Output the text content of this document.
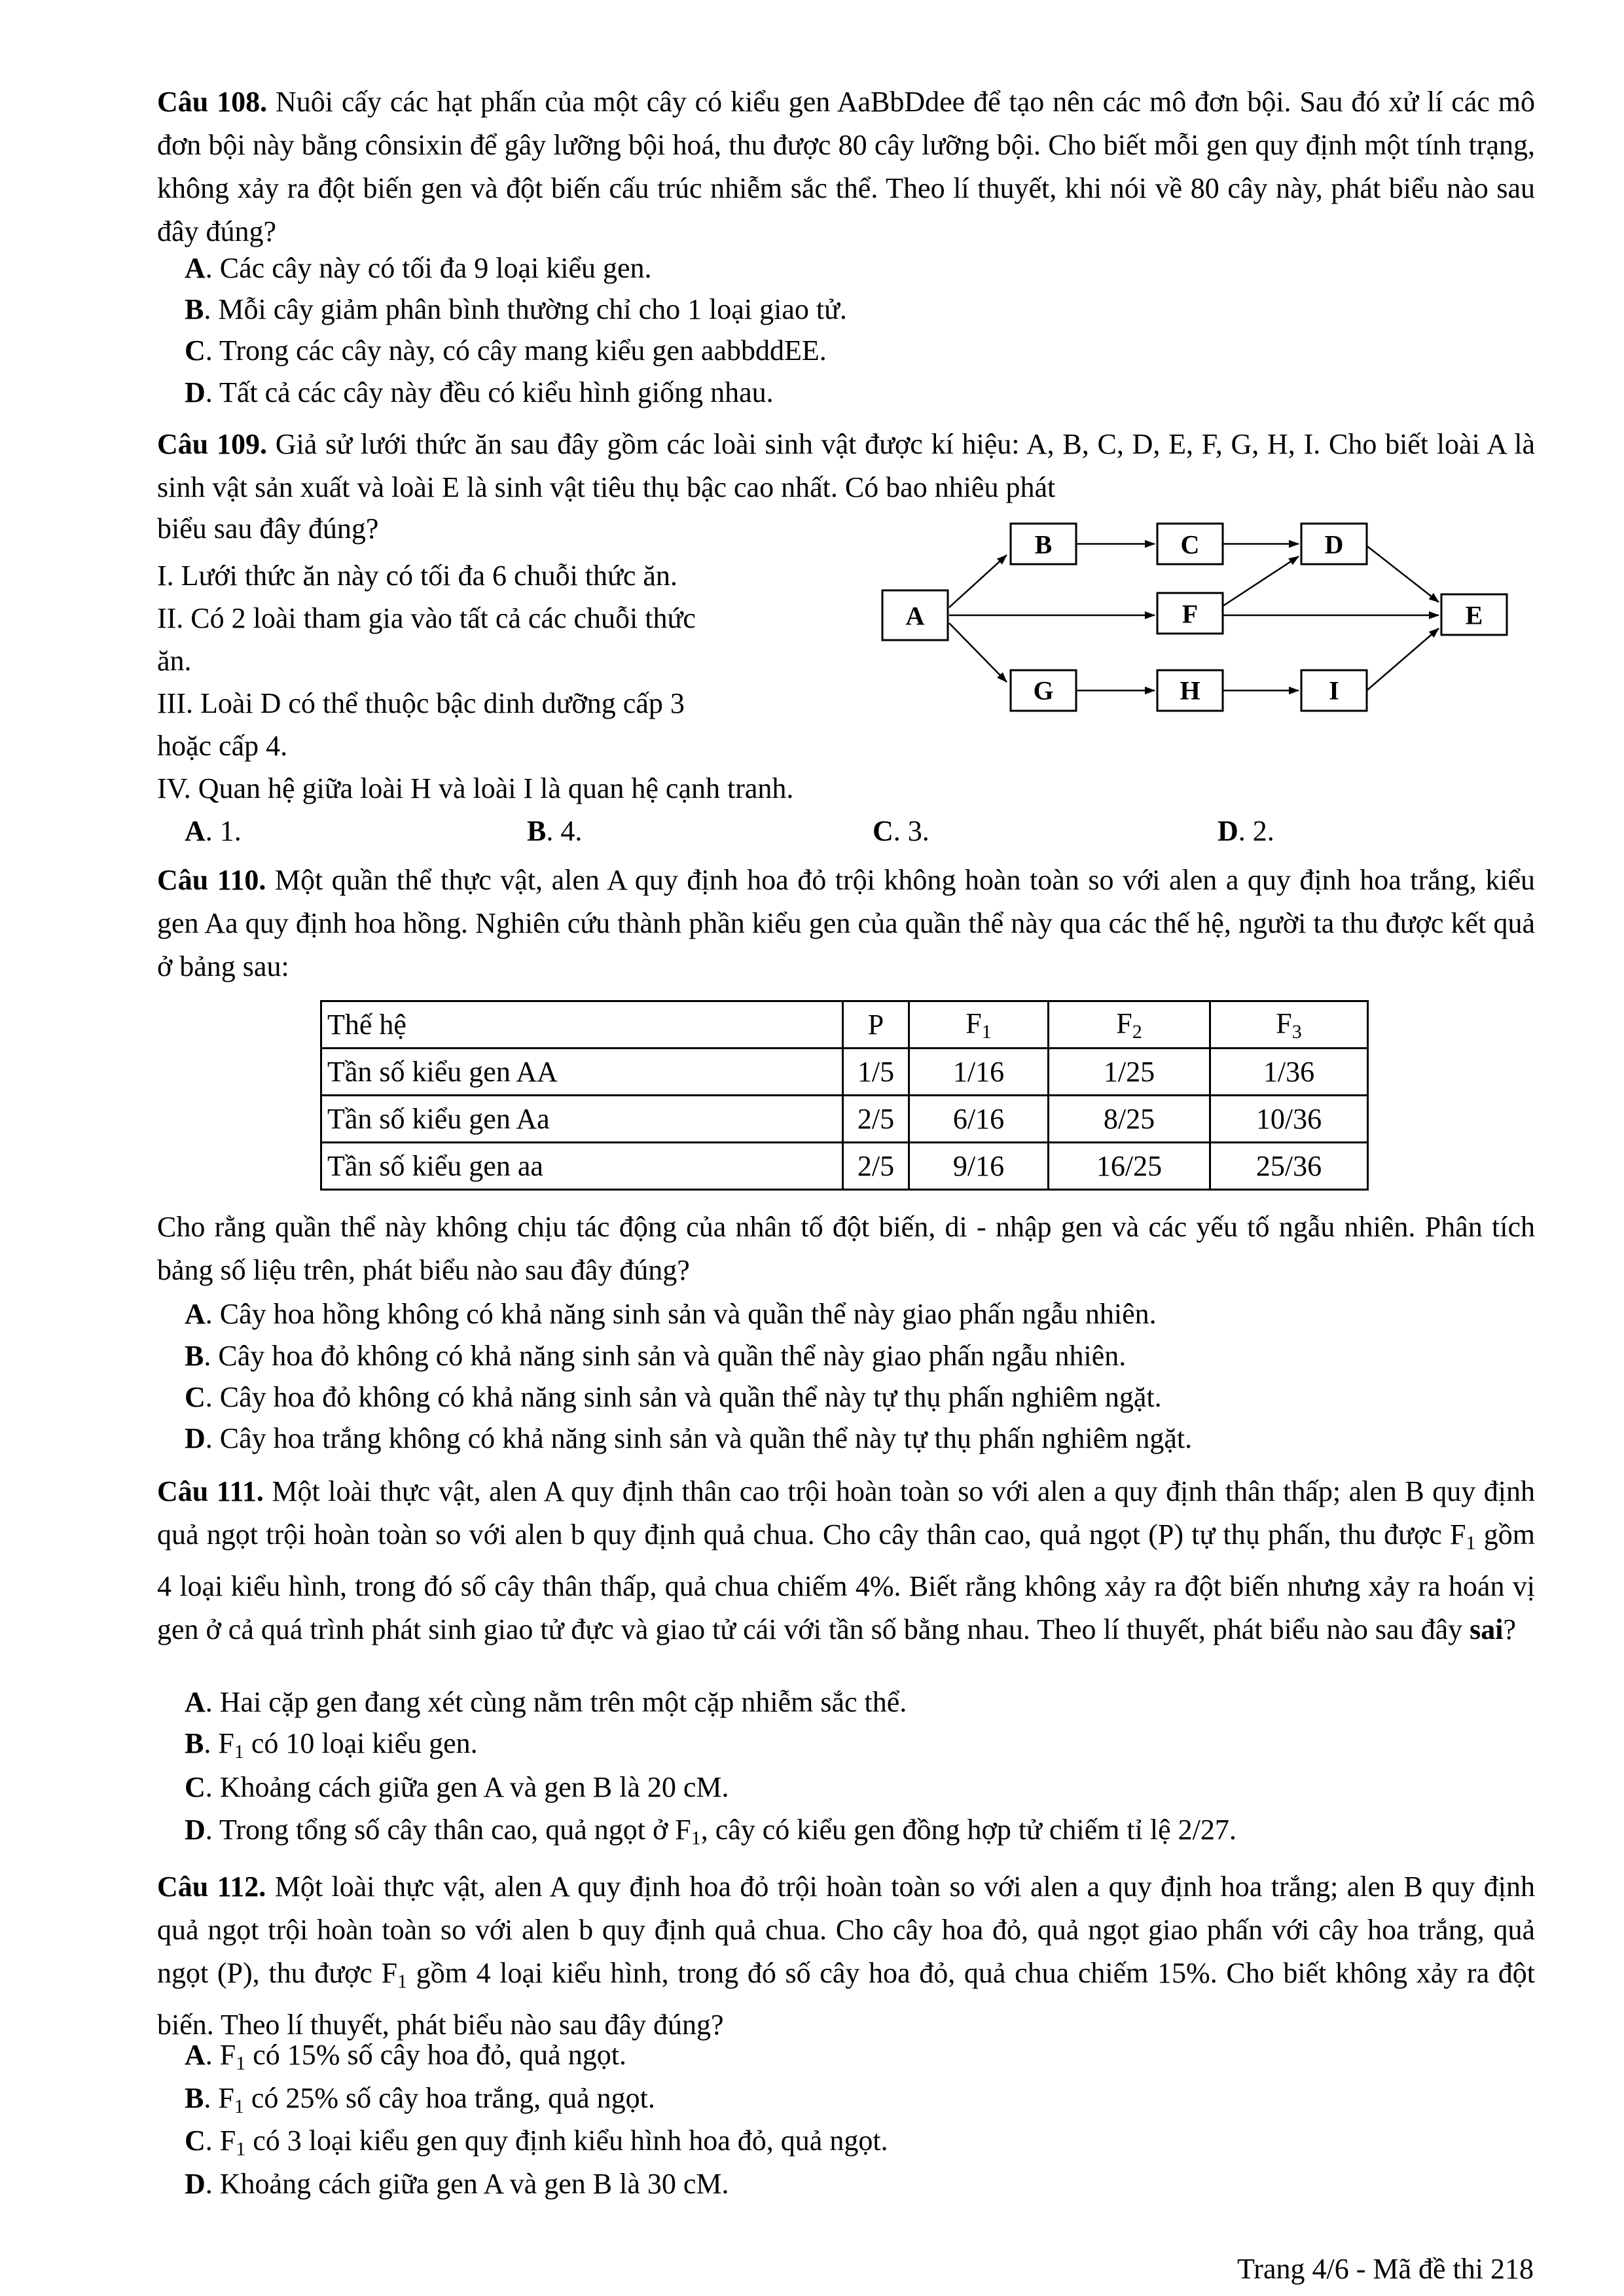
Câu 108. Nuôi cấy các hạt phấn của một cây có kiểu gen AaBbDdee để tạo nên các mô đơn bội. Sau đó xử lí các mô đơn bội này bằng cônsixin để gây lưỡng bội hoá, thu được 80 cây lưỡng bội. Cho biết mỗi gen quy định một tính trạng, không xảy ra đột biến gen và đột biến cấu trúc nhiễm sắc thể. Theo lí thuyết, khi nói về 80 cây này, phát biểu nào sau đây đúng?
A. Các cây này có tối đa 9 loại kiểu gen.
B. Mỗi cây giảm phân bình thường chỉ cho 1 loại giao tử.
C. Trong các cây này, có cây mang kiểu gen aabbddEE.
D. Tất cả các cây này đều có kiểu hình giống nhau.
Câu 109. Giả sử lưới thức ăn sau đây gồm các loài sinh vật được kí hiệu: A, B, C, D, E, F, G, H, I. Cho biết loài A là sinh vật sản xuất và loài E là sinh vật tiêu thụ bậc cao nhất. Có bao nhiêu phát
biểu sau đây đúng?
I. Lưới thức ăn này có tối đa 6 chuỗi thức ăn.
II. Có 2 loài tham gia vào tất cả các chuỗi thức
ăn.
III. Loài D có thể thuộc bậc dinh dưỡng cấp 3
hoặc cấp 4.
IV. Quan hệ giữa loài H và loài I là quan hệ cạnh tranh.
A. 1.	B. 4.	C. 3.	D. 2.
A
B	C	D
F	E
G	H	I
Câu 110. Một quần thể thực vật, alen A quy định hoa đỏ trội không hoàn toàn so với alen a quy định hoa trắng, kiểu gen Aa quy định hoa hồng. Nghiên cứu thành phần kiểu gen của quần thể này qua các thế hệ, người ta thu được kết quả ở bảng sau:
Thế hệ	P	$F_1$	$F_2$	$F_3$
Tần số kiểu gen AA	1/5	1/16	1/25	1/36
Tần số kiểu gen Aa	2/5	6/16	8/25	10/36
Tần số kiểu gen aa	2/5	9/16	16/25	25/36
Cho rằng quần thể này không chịu tác động của nhân tố đột biến, di - nhập gen và các yếu tố ngẫu nhiên. Phân tích bảng số liệu trên, phát biểu nào sau đây đúng?
A. Cây hoa hồng không có khả năng sinh sản và quần thể này giao phấn ngẫu nhiên.
B. Cây hoa đỏ không có khả năng sinh sản và quần thể này giao phấn ngẫu nhiên.
C. Cây hoa đỏ không có khả năng sinh sản và quần thể này tự thụ phấn nghiêm ngặt.
D. Cây hoa trắng không có khả năng sinh sản và quần thể này tự thụ phấn nghiêm ngặt.
Câu 111. Một loài thực vật, alen A quy định thân cao trội hoàn toàn so với alen a quy định thân thấp; alen B quy định quả ngọt trội hoàn toàn so với alen b quy định quả chua. Cho cây thân cao, quả ngọt (P) tự thụ phấn, thu được $F_1$ gồm 4 loại kiểu hình, trong đó số cây thân thấp, quả chua chiếm 4%. Biết rằng không xảy ra đột biến nhưng xảy ra hoán vị gen ở cả quá trình phát sinh giao tử đực và giao tử cái với tần số bằng nhau. Theo lí thuyết, phát biểu nào sau đây sai?
A. Hai cặp gen đang xét cùng nằm trên một cặp nhiễm sắc thể.
B. $F_1$ có 10 loại kiểu gen.
C. Khoảng cách giữa gen A và gen B là 20 cM.
D. Trong tổng số cây thân cao, quả ngọt ở $F_1$, cây có kiểu gen đồng hợp tử chiếm tỉ lệ 2/27.
Câu 112. Một loài thực vật, alen A quy định hoa đỏ trội hoàn toàn so với alen a quy định hoa trắng; alen B quy định quả ngọt trội hoàn toàn so với alen b quy định quả chua. Cho cây hoa đỏ, quả ngọt giao phấn với cây hoa trắng, quả ngọt (P), thu được $F_1$ gồm 4 loại kiểu hình, trong đó số cây hoa đỏ, quả chua chiếm 15%. Cho biết không xảy ra đột biến. Theo lí thuyết, phát biểu nào sau đây đúng?
A. $F_1$ có 15% số cây hoa đỏ, quả ngọt.
B. $F_1$ có 25% số cây hoa trắng, quả ngọt.
C. $F_1$ có 3 loại kiểu gen quy định kiểu hình hoa đỏ, quả ngọt.
D. Khoảng cách giữa gen A và gen B là 30 cM.
Trang 4/6 - Mã đề thi 218
